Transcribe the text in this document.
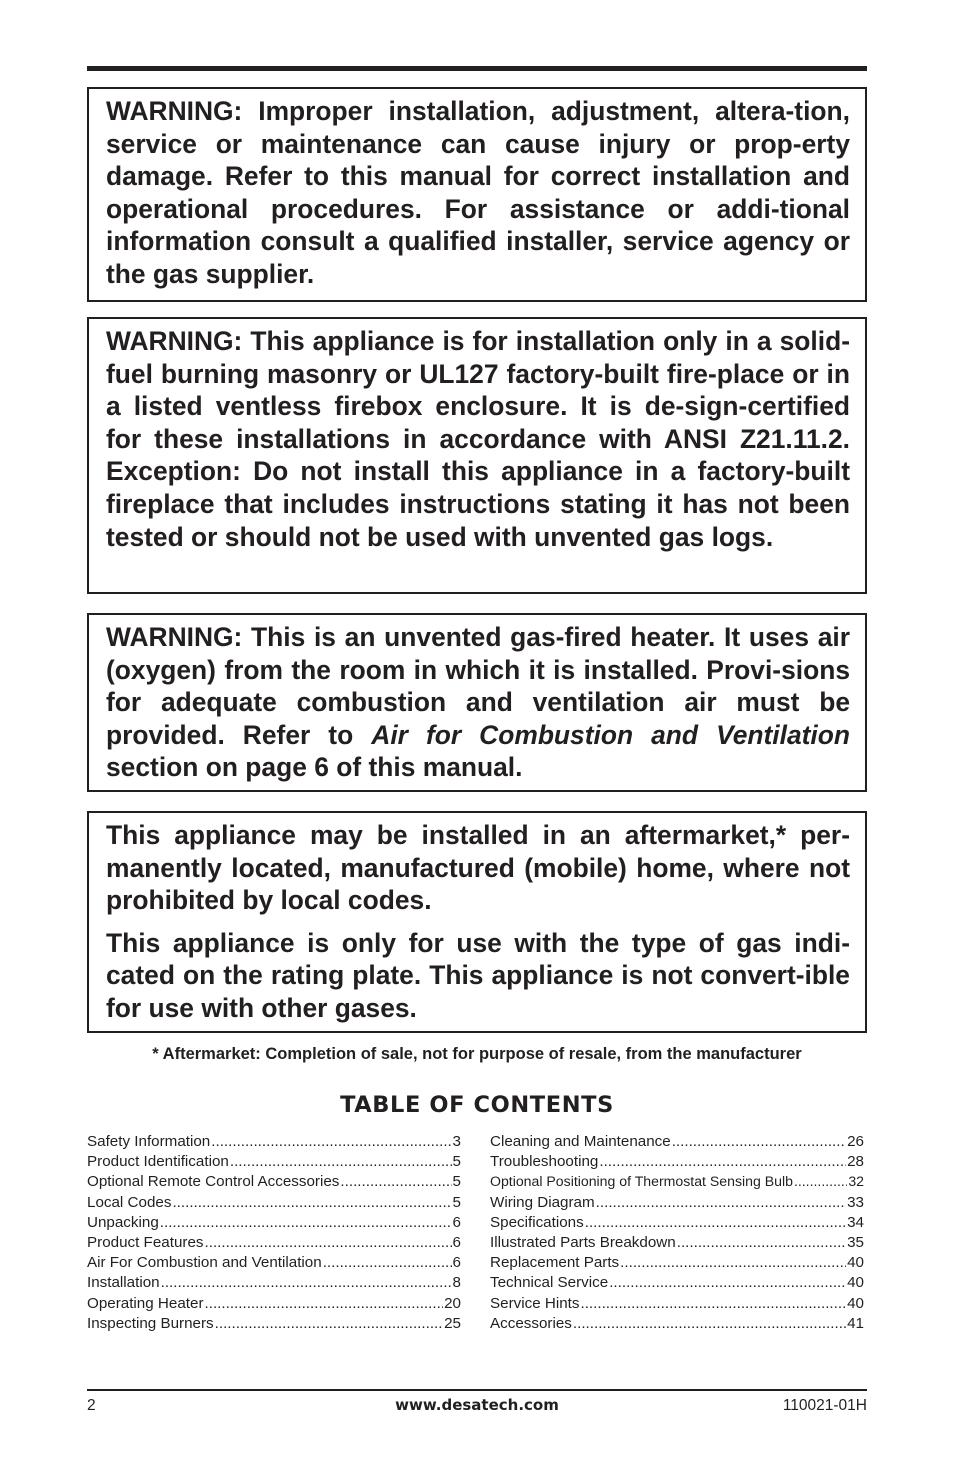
WARNING: Improper installation, adjustment, altera-tion, service or maintenance can cause injury or prop-erty damage. Refer to this manual for correct installation and operational procedures. For assistance or addi-tional information consult a qualified installer, service agency or the gas supplier.

WARNING: This appliance is for installation only in a solid-fuel burning masonry or UL127 factory-built fire-place or in a listed ventless firebox enclosure. It is de-sign-certified for these installations in accordance with ANSI Z21.11.2. Exception: Do not install this appliance in a factory-built fireplace that includes instructions stating it has not been tested or should not be used with unvented gas logs.

WARNING: This is an unvented gas-fired heater. It uses air (oxygen) from the room in which it is installed. Provi-sions for adequate combustion and ventilation air must be provided. Refer to Air for Combustion and Ventilation section on page 6 of this manual.

This appliance may be installed in an aftermarket,* per-manently located, manufactured (mobile) home, where not prohibited by local codes.

This appliance is only for use with the type of gas indi-cated on the rating plate. This appliance is not convert-ible for use with other gases.

* Aftermarket: Completion of sale, not for purpose of resale, from the manufacturer
TABLE OF CONTENTS
Safety Information .....	3
Product Identification .....	5
Optional Remote Control Accessories .....	5
Local Codes .....	5
Unpacking .....	6
Product Features .....	6
Air For Combustion and Ventilation .....	6
Installation .....	8
Operating Heater .....	20
Inspecting Burners .....	25
Cleaning and Maintenance .....	26
Troubleshooting .....	28
Optional Positioning of Thermostat Sensing Bulb .....	32
Wiring Diagram .....	33
Specifications .....	34
Illustrated Parts Breakdown .....	35
Replacement Parts .....	40
Technical Service .....	40
Service Hints .....	40
Accessories .....	41
2	www.desatech.com	110021-01H
